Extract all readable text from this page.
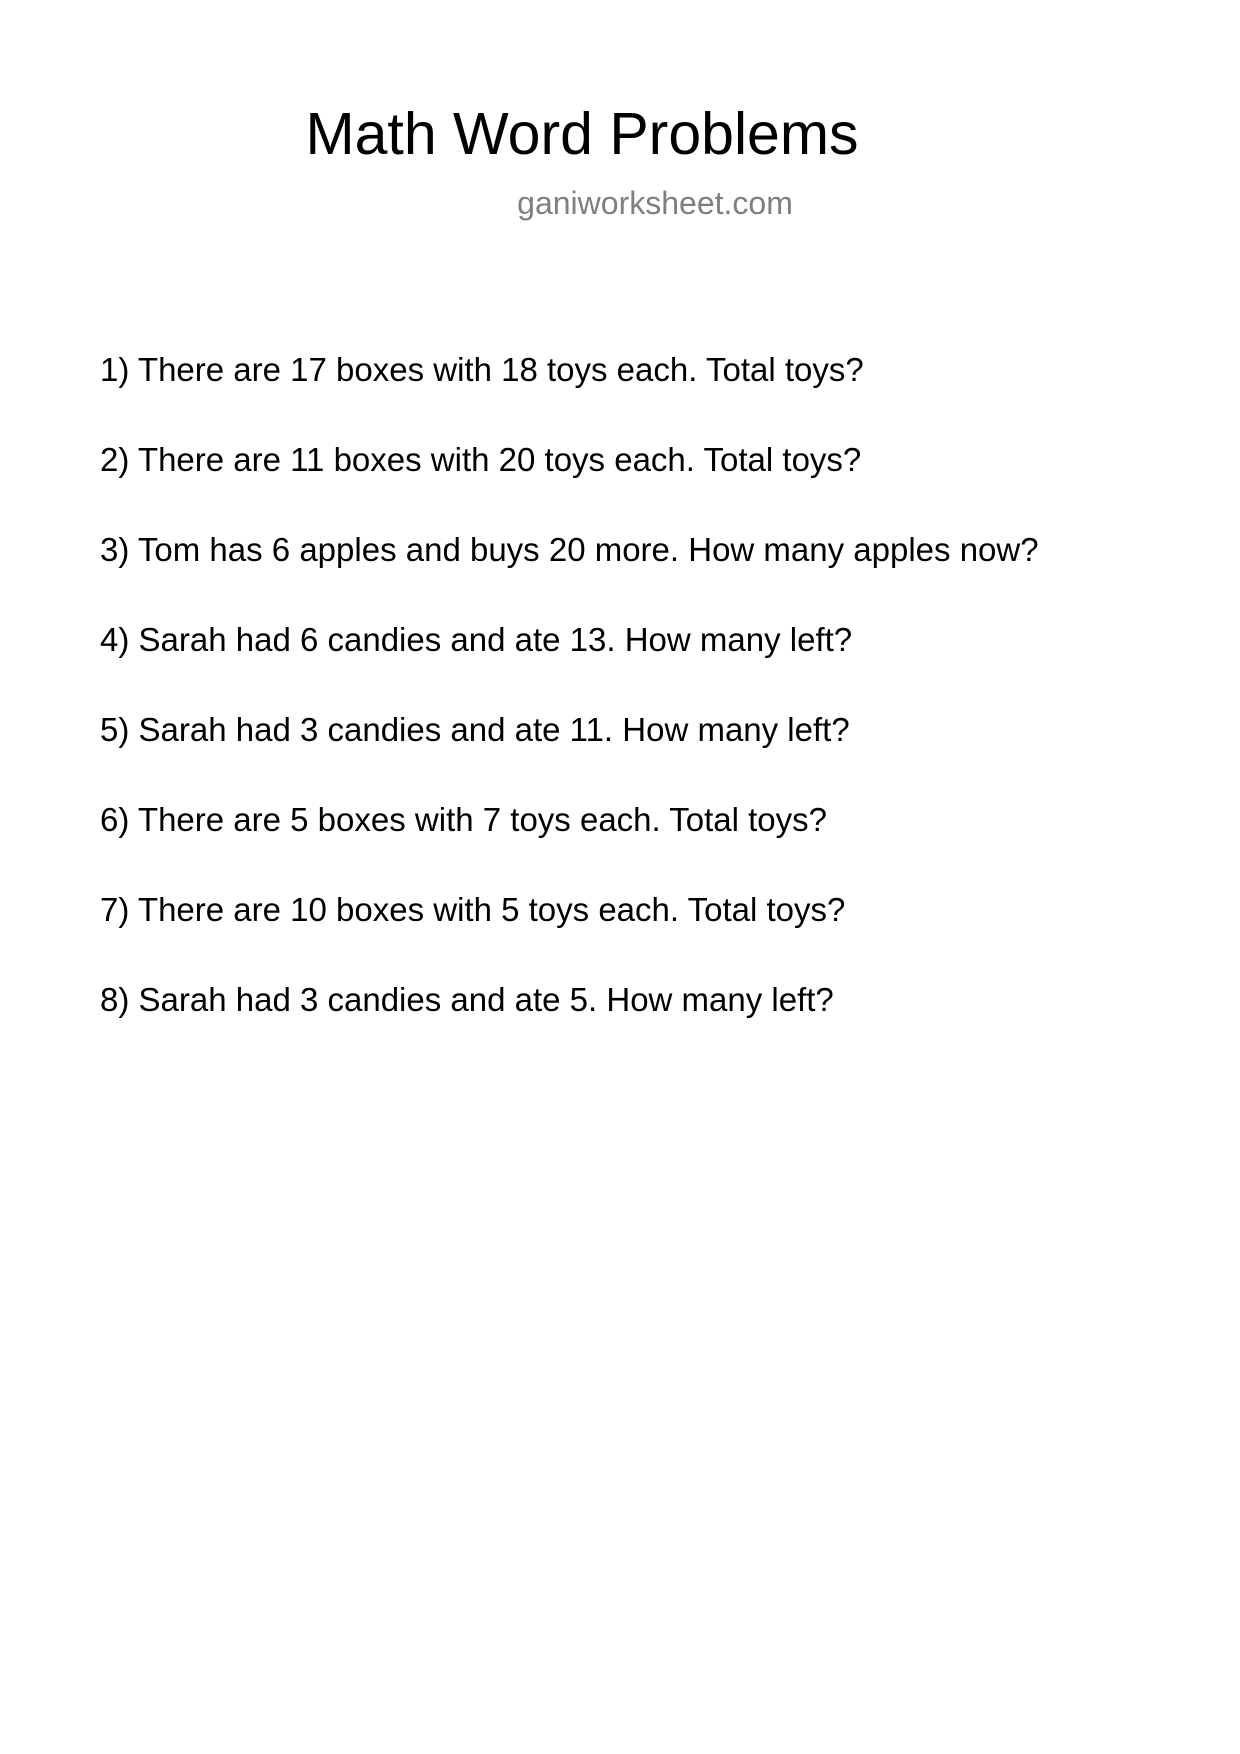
Math Word Problems
ganiworksheet.com
1) There are 17 boxes with 18 toys each. Total toys?
2) There are 11 boxes with 20 toys each. Total toys?
3) Tom has 6 apples and buys 20 more. How many apples now?
4) Sarah had 6 candies and ate 13. How many left?
5) Sarah had 3 candies and ate 11. How many left?
6) There are 5 boxes with 7 toys each. Total toys?
7) There are 10 boxes with 5 toys each. Total toys?
8) Sarah had 3 candies and ate 5. How many left?
